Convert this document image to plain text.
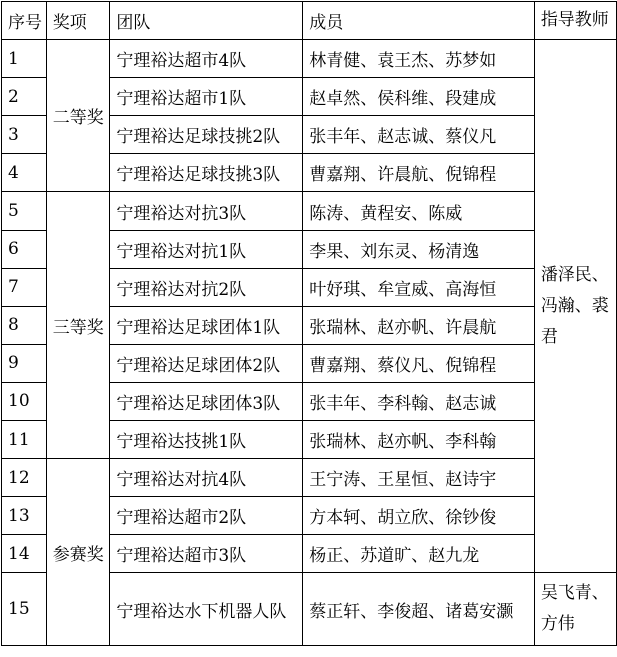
序号	奖项	团队	成员	指导教师
1	二等奖	宁理裕达超市4队	林青健、袁王杰、苏梦如	潘泽民、冯瀚、裘君
2		宁理裕达超市1队	赵卓然、侯科维、段建成	
3		宁理裕达足球技挑2队	张丰年、赵志诚、蔡仪凡	
4		宁理裕达足球技挑3队	曹嘉翔、许晨航、倪锦程	
5	三等奖	宁理裕达对抗3队	陈涛、黄程安、陈威	
6		宁理裕达对抗1队	李果、刘东灵、杨清逸	
7		宁理裕达对抗2队	叶妤琪、牟宣威、高海恒	
8		宁理裕达足球团体1队	张瑞林、赵亦帆、许晨航	
9		宁理裕达足球团体2队	曹嘉翔、蔡仪凡、倪锦程	
10		宁理裕达足球团体3队	张丰年、李科翰、赵志诚	
11		宁理裕达技挑1队	张瑞林、赵亦帆、李科翰	
12	参赛奖	宁理裕达对抗4队	王宁涛、王星恒、赵诗宇	
13		宁理裕达超市2队	方本轲、胡立欣、徐钞俊	
14		宁理裕达超市3队	杨正、苏道旷、赵九龙	
15		宁理裕达水下机器人队	蔡正轩、李俊超、诸葛安灏	吴飞青、方伟
